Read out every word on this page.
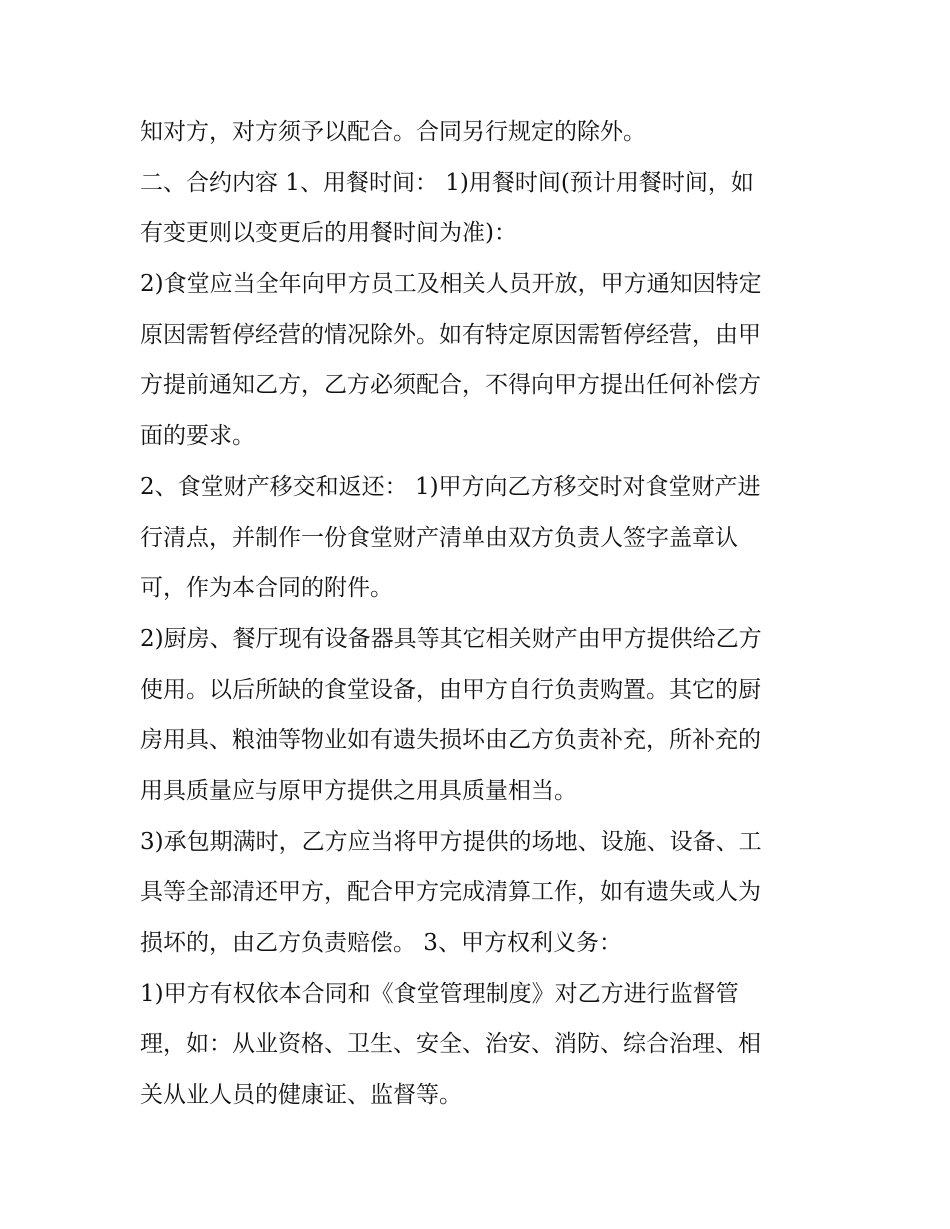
知对方，对方须予以配合。合同另行规定的除外。
二、合约内容 1、用餐时间： 1)用餐时间(预计用餐时间，如
有变更则以变更后的用餐时间为准)：
2)食堂应当全年向甲方员工及相关人员开放，甲方通知因特定
原因需暂停经营的情况除外。如有特定原因需暂停经营，由甲
方提前通知乙方，乙方必须配合，不得向甲方提出任何补偿方
面的要求。
2、食堂财产移交和返还： 1)甲方向乙方移交时对食堂财产进
行清点，并制作一份食堂财产清单由双方负责人签字盖章认
可，作为本合同的附件。
2)厨房、餐厅现有设备器具等其它相关财产由甲方提供给乙方
使用。以后所缺的食堂设备，由甲方自行负责购置。其它的厨
房用具、粮油等物业如有遗失损坏由乙方负责补充，所补充的
用具质量应与原甲方提供之用具质量相当。
3)承包期满时，乙方应当将甲方提供的场地、设施、设备、工
具等全部清还甲方，配合甲方完成清算工作，如有遗失或人为
损坏的，由乙方负责赔偿。 3、甲方权利义务：
1)甲方有权依本合同和《食堂管理制度》对乙方进行监督管
理，如：从业资格、卫生、安全、治安、消防、综合治理、相
关从业人员的健康证、监督等。
